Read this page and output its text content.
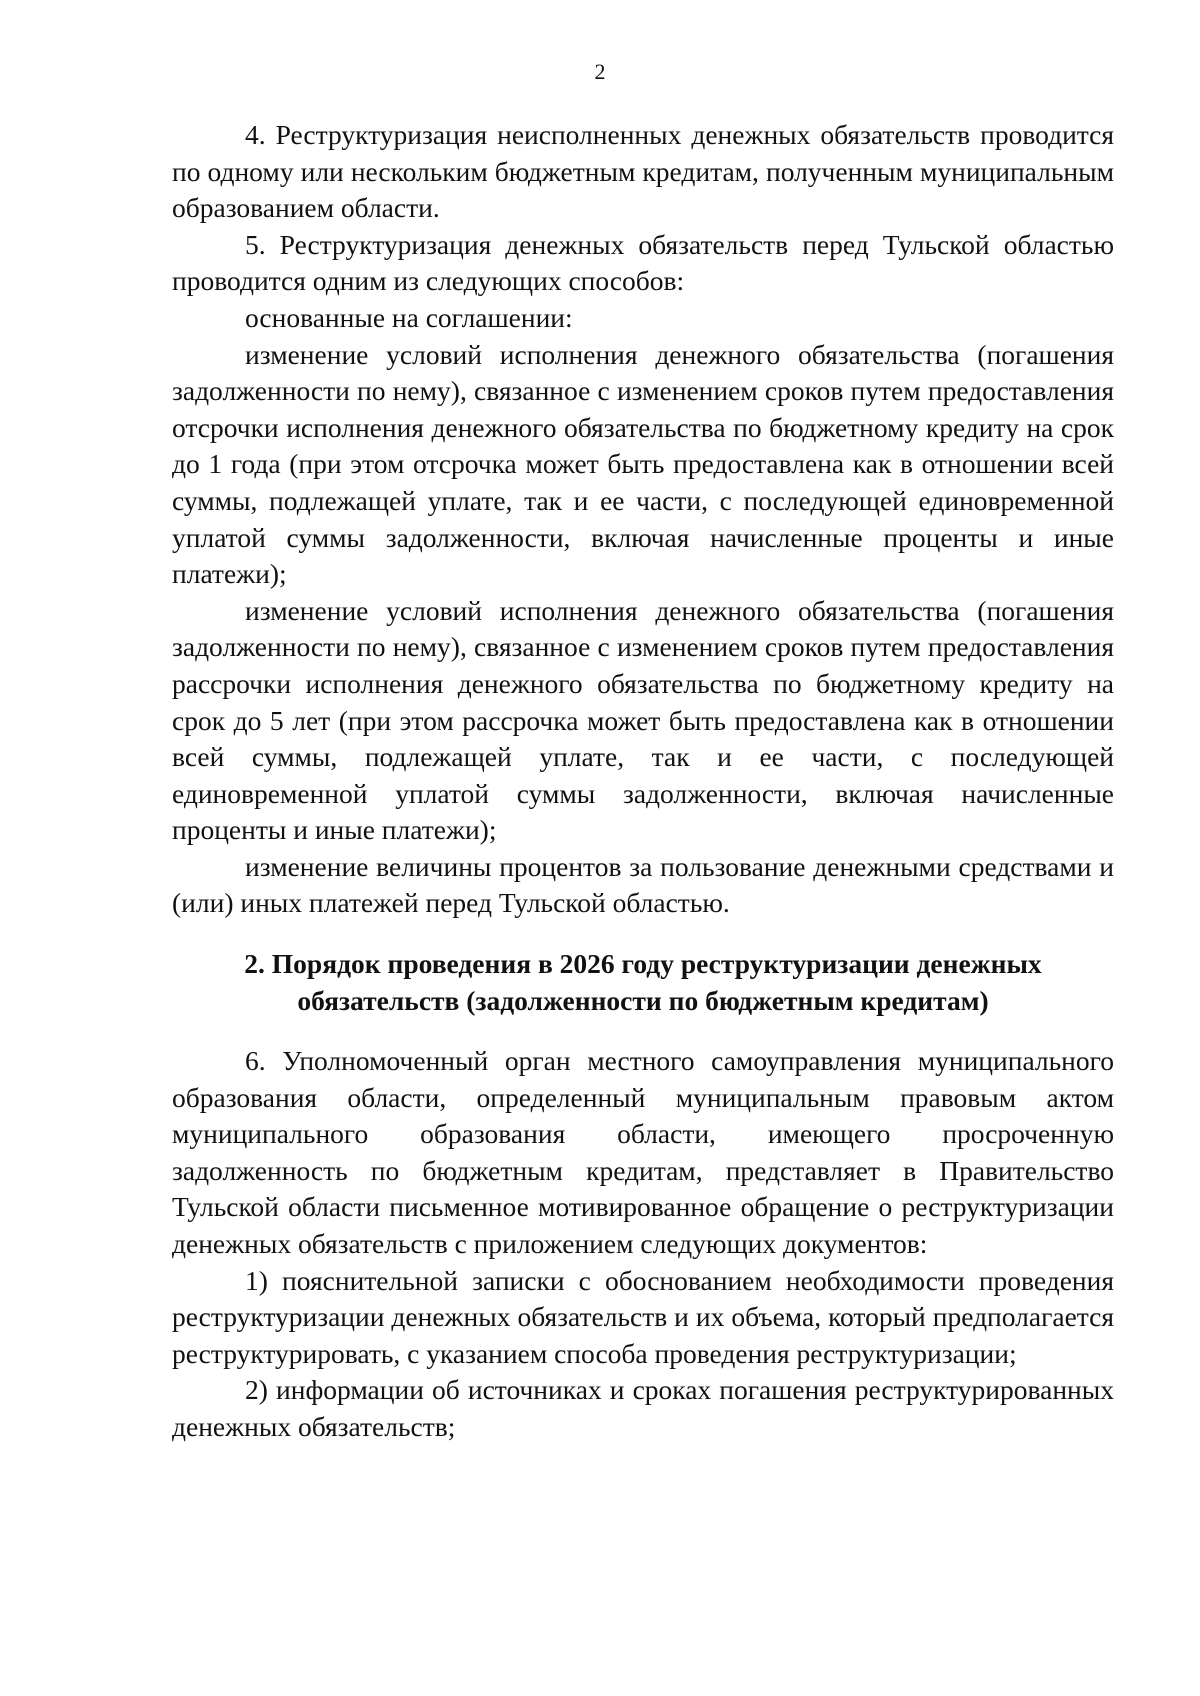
2

4. Реструктуризация неисполненных денежных обязательств проводится по одному или нескольким бюджетным кредитам, полученным муниципальным образованием области.

5. Реструктуризация денежных обязательств перед Тульской областью проводится одним из следующих способов:

основанные на соглашении:

изменение условий исполнения денежного обязательства (погашения задолженности по нему), связанное с изменением сроков путем предоставления отсрочки исполнения денежного обязательства по бюджетному кредиту на срок до 1 года (при этом отсрочка может быть предоставлена как в отношении всей суммы, подлежащей уплате, так и ее части, с последующей единовременной уплатой суммы задолженности, включая начисленные проценты и иные платежи);

изменение условий исполнения денежного обязательства (погашения задолженности по нему), связанное с изменением сроков путем предоставления рассрочки исполнения денежного обязательства по бюджетному кредиту на срок до 5 лет (при этом рассрочка может быть предоставлена как в отношении всей суммы, подлежащей уплате, так и ее части, с последующей единовременной уплатой суммы задолженности, включая начисленные проценты и иные платежи);

изменение величины процентов за пользование денежными средствами и (или) иных платежей перед Тульской областью.

2. Порядок проведения в 2026 году реструктуризации денежных
обязательств (задолженности по бюджетным кредитам)

6. Уполномоченный орган местного самоуправления муниципального образования области, определенный муниципальным правовым актом муниципального образования области, имеющего просроченную задолженность по бюджетным кредитам, представляет в Правительство Тульской области письменное мотивированное обращение о реструктуризации денежных обязательств с приложением следующих документов:

1) пояснительной записки с обоснованием необходимости проведения реструктуризации денежных обязательств и их объема, который предполагается реструктурировать, с указанием способа проведения реструктуризации;

2) информации об источниках и сроках погашения реструктурированных денежных обязательств;
